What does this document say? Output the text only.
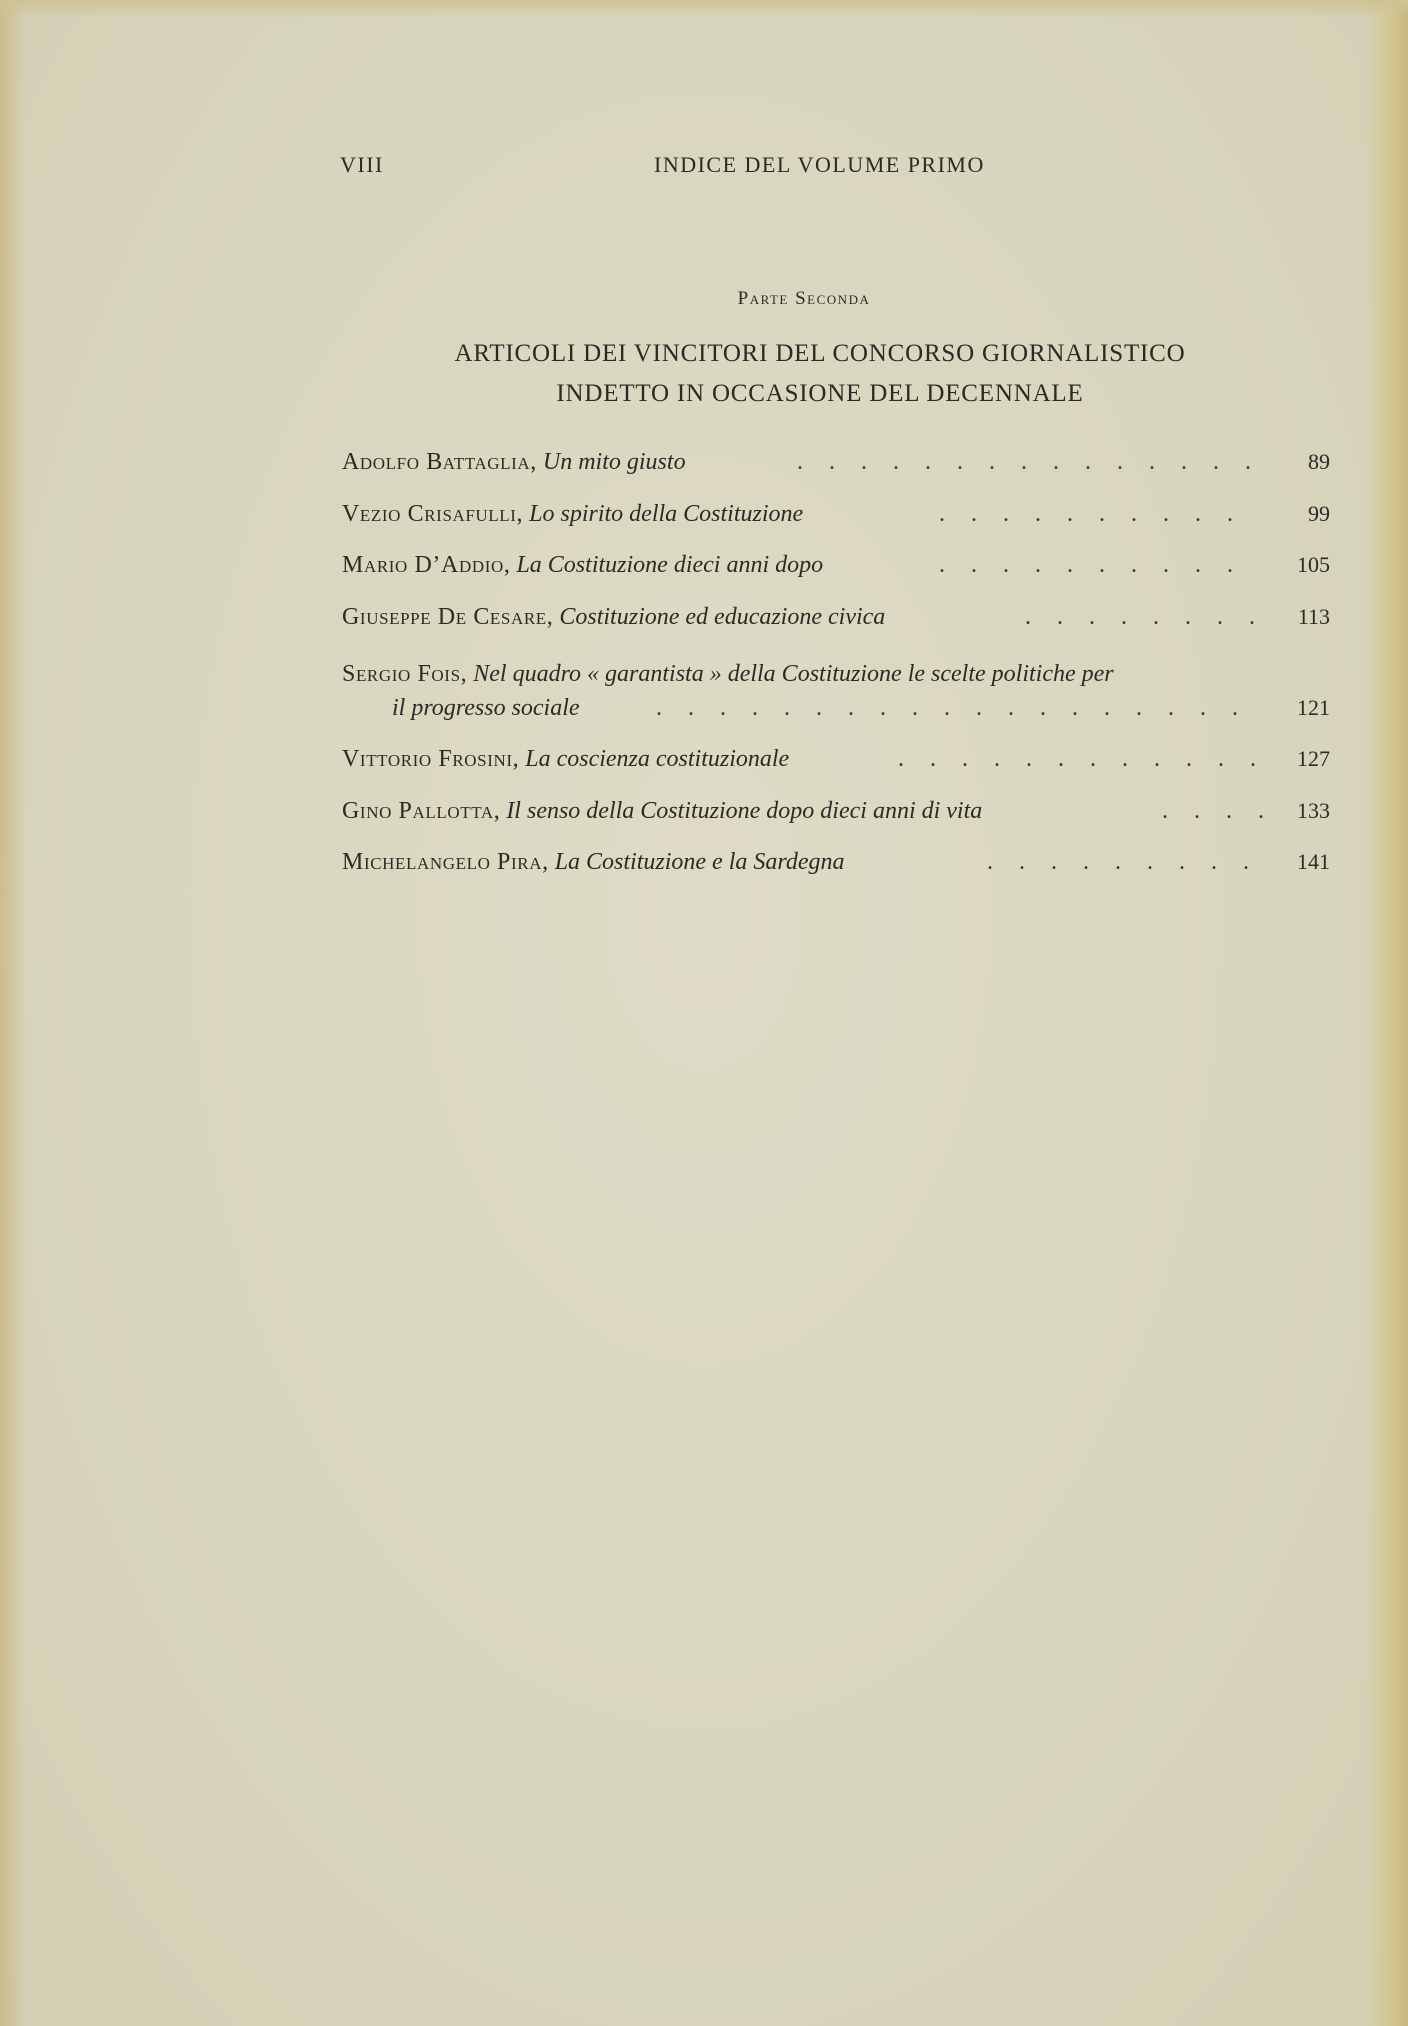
VIII	INDICE DEL VOLUME PRIMO
Parte Seconda
ARTICOLI DEI VINCITORI DEL CONCORSO GIORNALISTICO
INDETTO IN OCCASIONE DEL DECENNALE
Adolfo Battaglia, Un mito giusto	. . . . . . . . . . . . . . . 89
Vezio Crisafulli, Lo spirito della Costituzione	. . . . . . . . . .	99
Mario D’Addio, La Costituzione dieci anni dopo	. . . . . . . . . . 105
Giuseppe De Cesare, Costituzione ed educazione civica	. . . . . . . . 113
Sergio Fois, Nel quadro « garantista » della Costituzione le scelte politiche per
il progresso sociale	. . . . . . . . . . . . . . . . . . . 121
Vittorio Frosini, La coscienza costituzionale	. . . . . . . . . . . . 127
Gino Pallotta, Il senso della Costituzione dopo dieci anni di vita	. . . . 133
Michelangelo Pira, La Costituzione e la Sardegna	. . . . . . . . . 141
